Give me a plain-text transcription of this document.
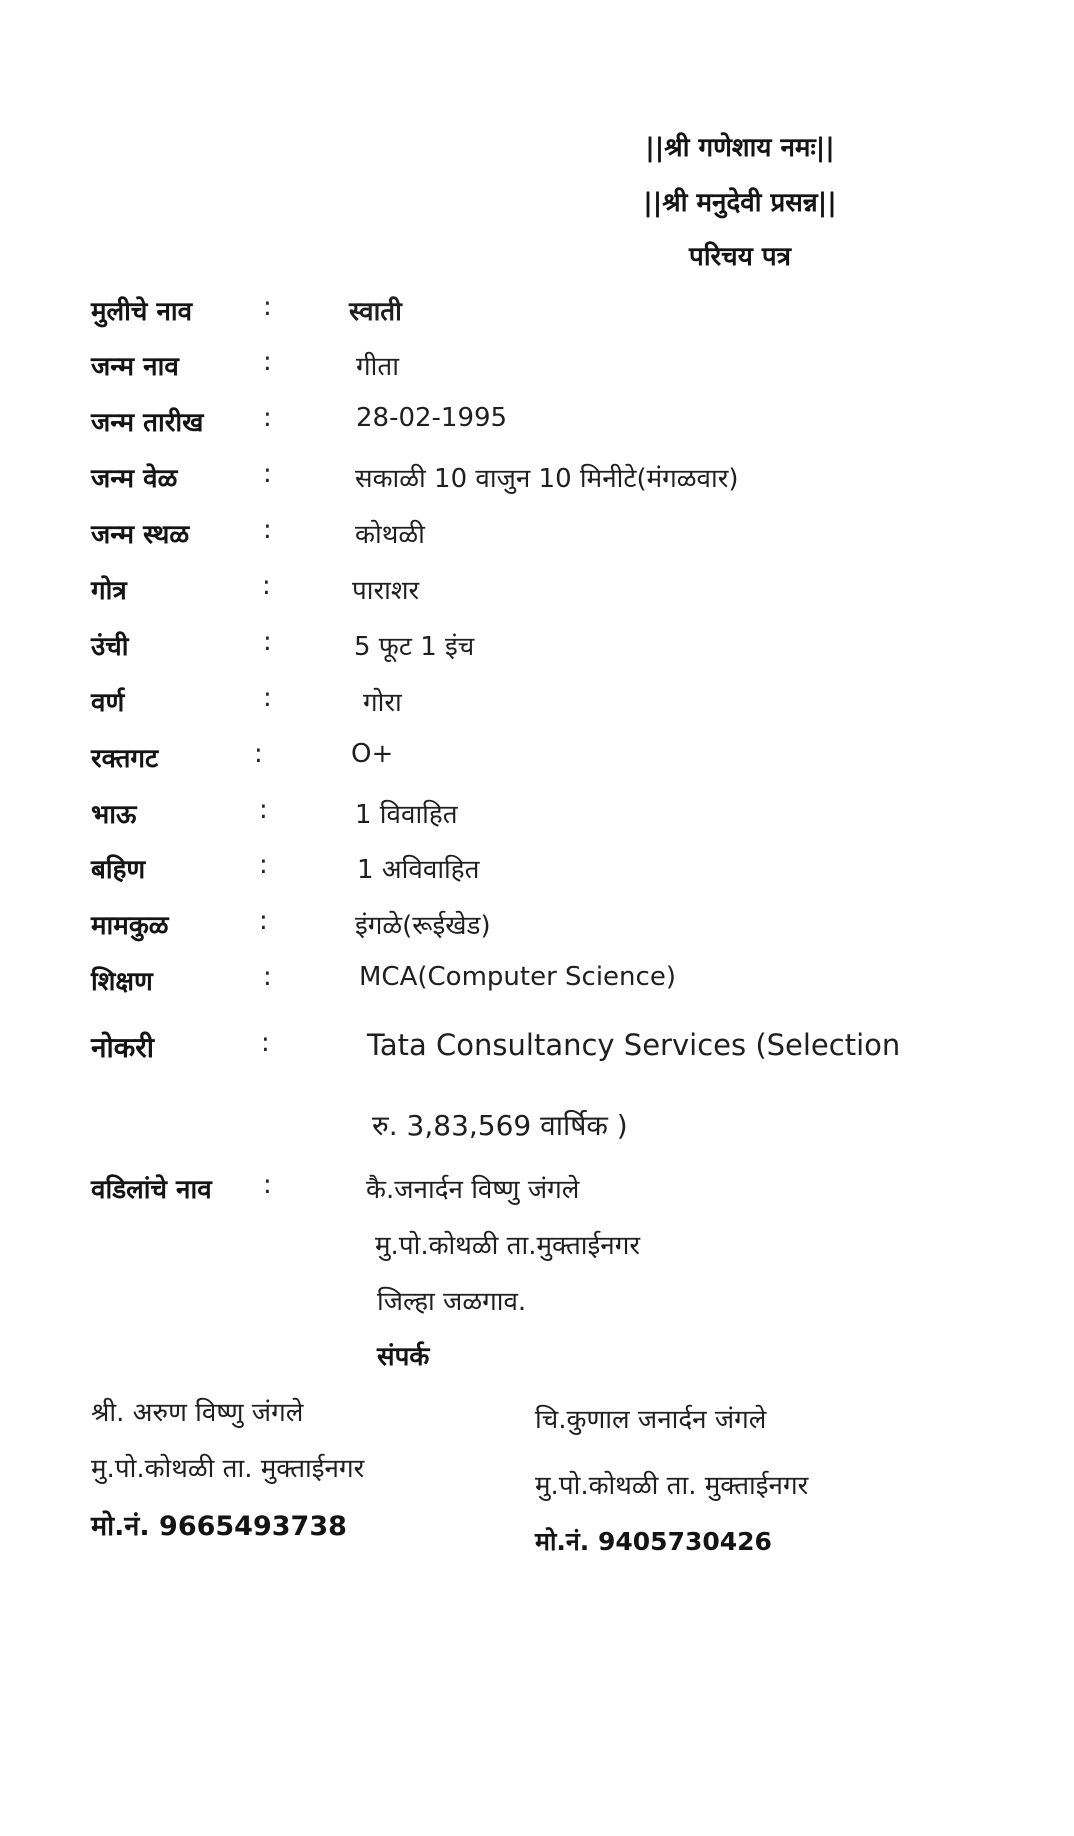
||श्री गणेशाय नमः||
||श्री मनुदेवी प्रसन्न||
परिचय पत्र
मुलीचे नाव	:	स्वाती
जन्म नाव	:	गीता
जन्म तारीख :	28-02-1995
जन्म वेळ	:	सकाळी 10 वाजुन 10 मिनीटे(मंगळवार)
जन्म स्थळ	:	कोथळी
गोत्र	:	पाराशर
उंची	:	5 फूट 1 इंच
वर्ण	:	गोरा
रक्तगट	:	O+
भाऊ	:	1 विवाहित
बहिण	:	1 अविवाहित
मामकुळ	:	इंगळे(रूईखेड)
शिक्षण	:	MCA(Computer Science)
नोकरी	:	Tata Consultancy Services (Selection
रु. 3,83,569 वार्षिक )
वडिलांचे नाव :	कै.जनार्दन विष्णु जंगले
मु.पो.कोथळी ता.मुक्ताईनगर
जिल्हा जळगाव.
संपर्क
श्री. अरुण विष्णु जंगले
मु.पो.कोथळी ता. मुक्ताईनगर
मो.नं. 9665493738
चि.कुणाल जनार्दन जंगले
मु.पो.कोथळी ता. मुक्ताईनगर
मो.नं. 9405730426
